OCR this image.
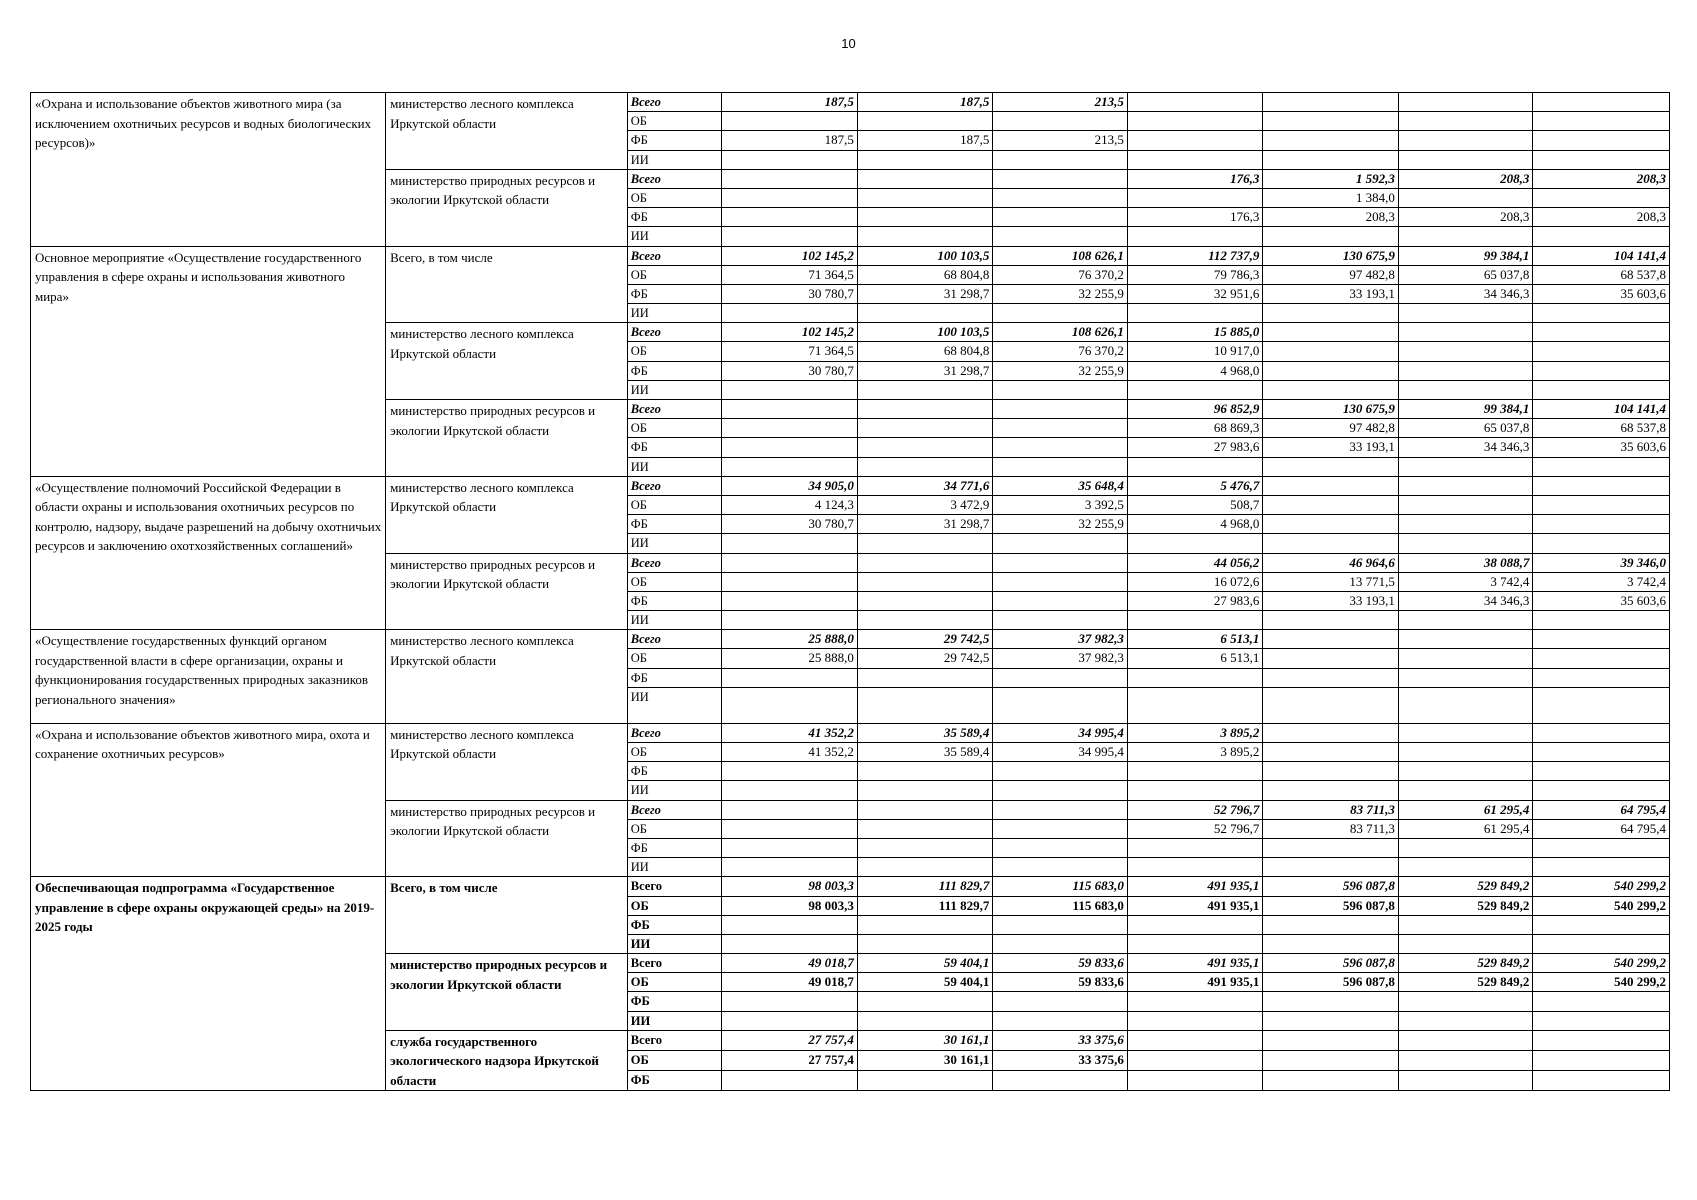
10
«Охрана и использование объектов животного мира (за исключением охотничьих ресурсов и водных биологических ресурсов)»	министерство лесного комплекса Иркутской области	Всего	187,5	187,5	213,5				
		ОБ							
		ФБ	187,5	187,5	213,5				
		ИИ							
	министерство природных ресурсов и экологии Иркутской области	Всего				176,3	1 592,3	208,3	208,3
		ОБ					1 384,0		
		ФБ				176,3	208,3	208,3	208,3
		ИИ							
Основное мероприятие «Осуществление государственного управления в сфере охраны и использования животного мира»	Всего, в том числе	Всего	102 145,2	100 103,5	108 626,1	112 737,9	130 675,9	99 384,1	104 141,4
		ОБ	71 364,5	68 804,8	76 370,2	79 786,3	97 482,8	65 037,8	68 537,8
		ФБ	30 780,7	31 298,7	32 255,9	32 951,6	33 193,1	34 346,3	35 603,6
		ИИ							
	министерство лесного комплекса Иркутской области	Всего	102 145,2	100 103,5	108 626,1	15 885,0			
		ОБ	71 364,5	68 804,8	76 370,2	10 917,0			
		ФБ	30 780,7	31 298,7	32 255,9	4 968,0			
		ИИ							
	министерство природных ресурсов и экологии Иркутской области	Всего				96 852,9	130 675,9	99 384,1	104 141,4
		ОБ				68 869,3	97 482,8	65 037,8	68 537,8
		ФБ				27 983,6	33 193,1	34 346,3	35 603,6
		ИИ							
«Осуществление полномочий Российской Федерации в области охраны и использования охотничьих ресурсов по контролю, надзору, выдаче разрешений на добычу охотничьих ресурсов и заключению охотхозяйственных соглашений»	министерство лесного комплекса Иркутской области	Всего	34 905,0	34 771,6	35 648,4	5 476,7			
		ОБ	4 124,3	3 472,9	3 392,5	508,7			
		ФБ	30 780,7	31 298,7	32 255,9	4 968,0			
		ИИ							
	министерство природных ресурсов и экологии Иркутской области	Всего				44 056,2	46 964,6	38 088,7	39 346,0
		ОБ				16 072,6	13 771,5	3 742,4	3 742,4
		ФБ				27 983,6	33 193,1	34 346,3	35 603,6
		ИИ							
«Осуществление государственных функций органом государственной власти в сфере организации, охраны и функционирования государственных природных заказников регионального значения»	министерство лесного комплекса Иркутской области	Всего	25 888,0	29 742,5	37 982,3	6 513,1			
		ОБ	25 888,0	29 742,5	37 982,3	6 513,1			
		ФБ							
		ИИ							
«Охрана и использование объектов животного мира, охота и сохранение охотничьих ресурсов»	министерство лесного комплекса Иркутской области	Всего	41 352,2	35 589,4	34 995,4	3 895,2			
		ОБ	41 352,2	35 589,4	34 995,4	3 895,2			
		ФБ							
		ИИ							
	министерство природных ресурсов и экологии Иркутской области	Всего				52 796,7	83 711,3	61 295,4	64 795,4
		ОБ				52 796,7	83 711,3	61 295,4	64 795,4
		ФБ							
		ИИ							
Обеспечивающая подпрограмма «Государственное управление в сфере охраны окружающей среды» на 2019-2025 годы	Всего, в том числе	Всего	98 003,3	111 829,7	115 683,0	491 935,1	596 087,8	529 849,2	540 299,2
		ОБ	98 003,3	111 829,7	115 683,0	491 935,1	596 087,8	529 849,2	540 299,2
		ФБ							
		ИИ							
	министерство природных ресурсов и экологии Иркутской области	Всего	49 018,7	59 404,1	59 833,6	491 935,1	596 087,8	529 849,2	540 299,2
		ОБ	49 018,7	59 404,1	59 833,6	491 935,1	596 087,8	529 849,2	540 299,2
		ФБ							
		ИИ							
	служба государственного экологического надзора Иркутской области	Всего	27 757,4	30 161,1	33 375,6				
		ОБ	27 757,4	30 161,1	33 375,6				
		ФБ							
